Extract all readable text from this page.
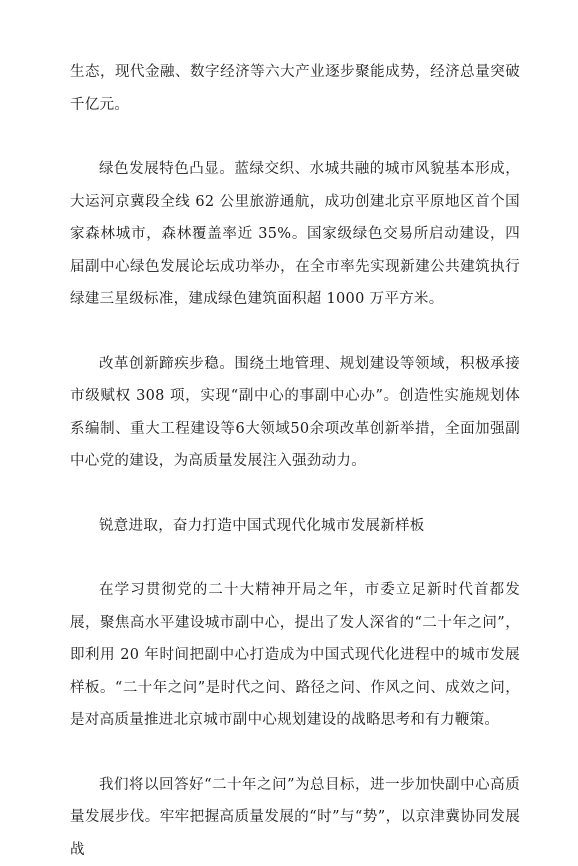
生态，现代金融、数字经济等六大产业逐步聚能成势，经济总量突破千亿元。

绿色发展特色凸显。蓝绿交织、水城共融的城市风貌基本形成，大运河京冀段全线 62 公里旅游通航，成功创建北京平原地区首个国家森林城市，森林覆盖率近 35%。国家级绿色交易所启动建设，四届副中心绿色发展论坛成功举办，在全市率先实现新建公共建筑执行绿建三星级标准，建成绿色建筑面积超 1000 万平方米。

改革创新蹄疾步稳。围绕土地管理、规划建设等领域，积极承接市级赋权 308 项，实现“副中心的事副中心办”。创造性实施规划体系编制、重大工程建设等6大领域50余项改革创新举措，全面加强副中心党的建设，为高质量发展注入强劲动力。

锐意进取，奋力打造中国式现代化城市发展新样板

在学习贯彻党的二十大精神开局之年，市委立足新时代首都发展，聚焦高水平建设城市副中心，提出了发人深省的“二十年之问”，即利用 20 年时间把副中心打造成为中国式现代化进程中的城市发展样板。“二十年之问”是时代之问、路径之问、作风之问、成效之问，是对高质量推进北京城市副中心规划建设的战略思考和有力鞭策。

我们将以回答好“二十年之问”为总目标，进一步加快副中心高质量发展步伐。牢牢把握高质量发展的“时”与“势”，以京津冀协同发展战
